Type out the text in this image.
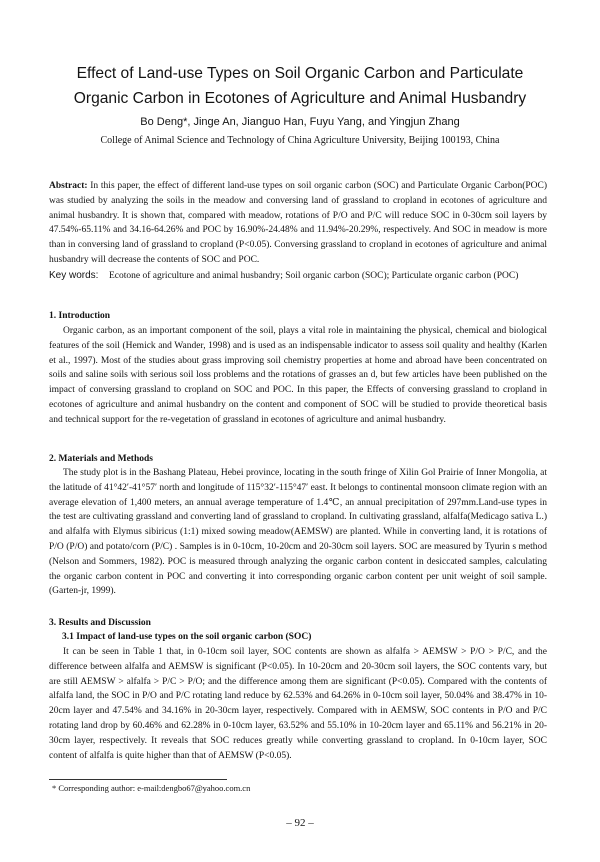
Effect of Land-use Types on Soil Organic Carbon and Particulate
Organic Carbon in Ecotones of Agriculture and Animal Husbandry
Bo Deng*, Jinge An, Jianguo Han, Fuyu Yang, and Yingjun Zhang
College of Animal Science and Technology of China Agriculture University, Beijing 100193, China

Abstract: In this paper, the effect of different land-use types on soil organic carbon (SOC) and Particulate Organic Carbon(POC) was studied by analyzing the soils in the meadow and conversing land of grassland to cropland in ecotones of agriculture and animal husbandry. It is shown that, compared with meadow, rotations of P/O and P/C will reduce SOC in 0-30cm soil layers by 47.54%-65.11% and 34.16-64.26% and POC by 16.90%-24.48% and 11.94%-20.29%, respectively. And SOC in meadow is more than in conversing land of grassland to cropland (P<0.05). Conversing grassland to cropland in ecotones of agriculture and animal husbandry will decrease the contents of SOC and POC.

Key words: Ecotone of agriculture and animal husbandry; Soil organic carbon (SOC); Particulate organic carbon (POC)
1. Introduction

Organic carbon, as an important component of the soil, plays a vital role in maintaining the physical, chemical and biological features of the soil (Hemick and Wander, 1998) and is used as an indispensable indicator to assess soil quality and healthy (Karlen et al., 1997). Most of the studies about grass improving soil chemistry properties at home and abroad have been concentrated on soils and saline soils with serious soil loss problems and the rotations of grasses an d, but few articles have been published on the impact of conversing grassland to cropland on SOC and POC. In this paper, the Effects of conversing grassland to cropland in ecotones of agriculture and animal husbandry on the content and component of SOC will be studied to provide theoretical basis and technical support for the re-vegetation of grassland in ecotones of agriculture and animal husbandry.

2. Materials and Methods

The study plot is in the Bashang Plateau, Hebei province, locating in the south fringe of Xilin Gol Prairie of Inner Mongolia, at the latitude of 41°42′-41°57′ north and longitude of 115°32′-115°47′ east. It belongs to continental monsoon climate region with an average elevation of 1,400 meters, an annual average temperature of 1.4℃, an annual precipitation of 297mm.Land-use types in the test are cultivating grassland and converting land of grassland to cropland. In cultivating grassland, alfalfa(Medicago sativa L.) and alfalfa with Elymus sibiricus (1:1) mixed sowing meadow(AEMSW) are planted. While in converting land, it is rotations of P/O (P/O) and potato/corn (P/C) . Samples is in 0-10cm, 10-20cm and 20-30cm soil layers. SOC are measured by Tyurin s method (Nelson and Sommers, 1982). POC is measured through analyzing the organic carbon content in desiccated samples, calculating the organic carbon content in POC and converting it into corresponding organic carbon content per unit weight of soil sample. (Garten-jr, 1999).

3. Results and Discussion
3.1 Impact of land-use types on the soil organic carbon (SOC)

It can be seen in Table 1 that, in 0-10cm soil layer, SOC contents are shown as alfalfa > AEMSW > P/O > P/C, and the difference between alfalfa and AEMSW is significant (P<0.05). In 10-20cm and 20-30cm soil layers, the SOC contents vary, but are still AEMSW > alfalfa > P/C > P/O; and the difference among them are significant (P<0.05). Compared with the contents of alfalfa land, the SOC in P/O and P/C rotating land reduce by 62.53% and 64.26% in 0-10cm soil layer, 50.04% and 38.47% in 10-20cm layer and 47.54% and 34.16% in 20-30cm layer, respectively. Compared with in AEMSW, SOC contents in P/O and P/C rotating land drop by 60.46% and 62.28% in 0-10cm layer, 63.52% and 55.10% in 10-20cm layer and 65.11% and 56.21% in 20-30cm layer, respectively. It reveals that SOC reduces greatly while converting grassland to cropland. In 0-10cm layer, SOC content of alfalfa is quite higher than that of AEMSW (P<0.05).

* Corresponding author: e-mail:dengbo67@yahoo.com.cn
– 92 –
